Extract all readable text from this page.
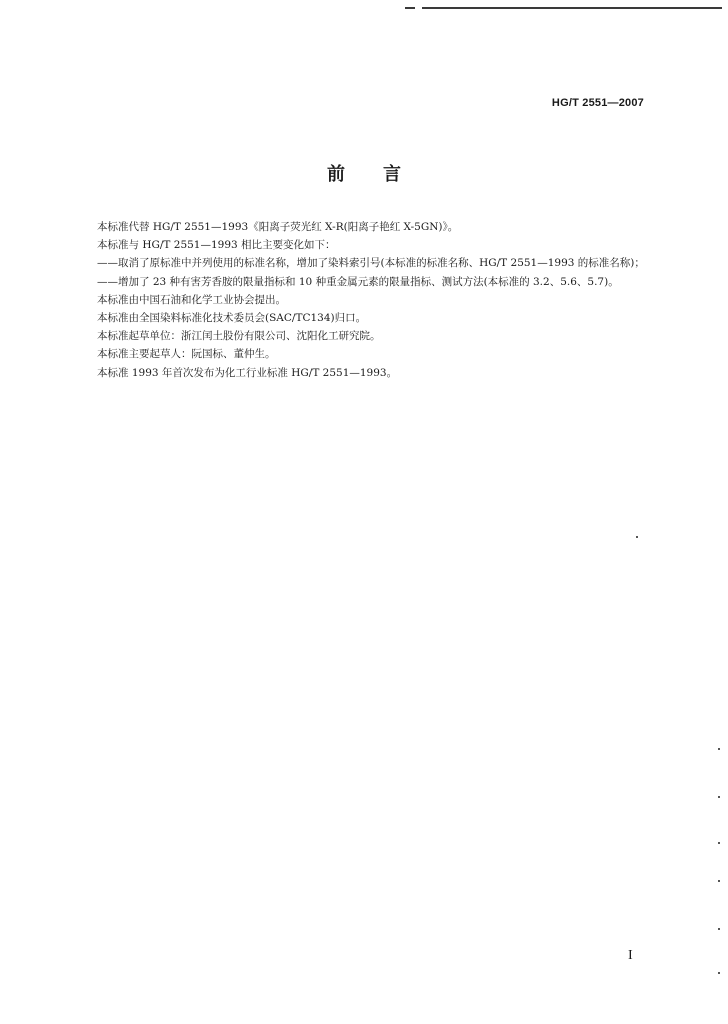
HG/T 2551—2007
前言

本标准代替 HG/T 2551—1993《阳离子荧光红 X-R(阳离子艳红 X-5GN)》。

本标准与 HG/T 2551—1993 相比主要变化如下：

——取消了原标准中并列使用的标准名称，增加了染料索引号(本标准的标准名称、HG/T 2551—1993 的标准名称)；

——增加了 23 种有害芳香胺的限量指标和 10 种重金属元素的限量指标、测试方法(本标准的 3.2、5.6、5.7)。

本标准由中国石油和化学工业协会提出。

本标准由全国染料标准化技术委员会(SAC/TC134)归口。

本标准起草单位：浙江闰土股份有限公司、沈阳化工研究院。

本标准主要起草人：阮国标、董仲生。

本标准 1993 年首次发布为化工行业标准 HG/T 2551—1993。

I
